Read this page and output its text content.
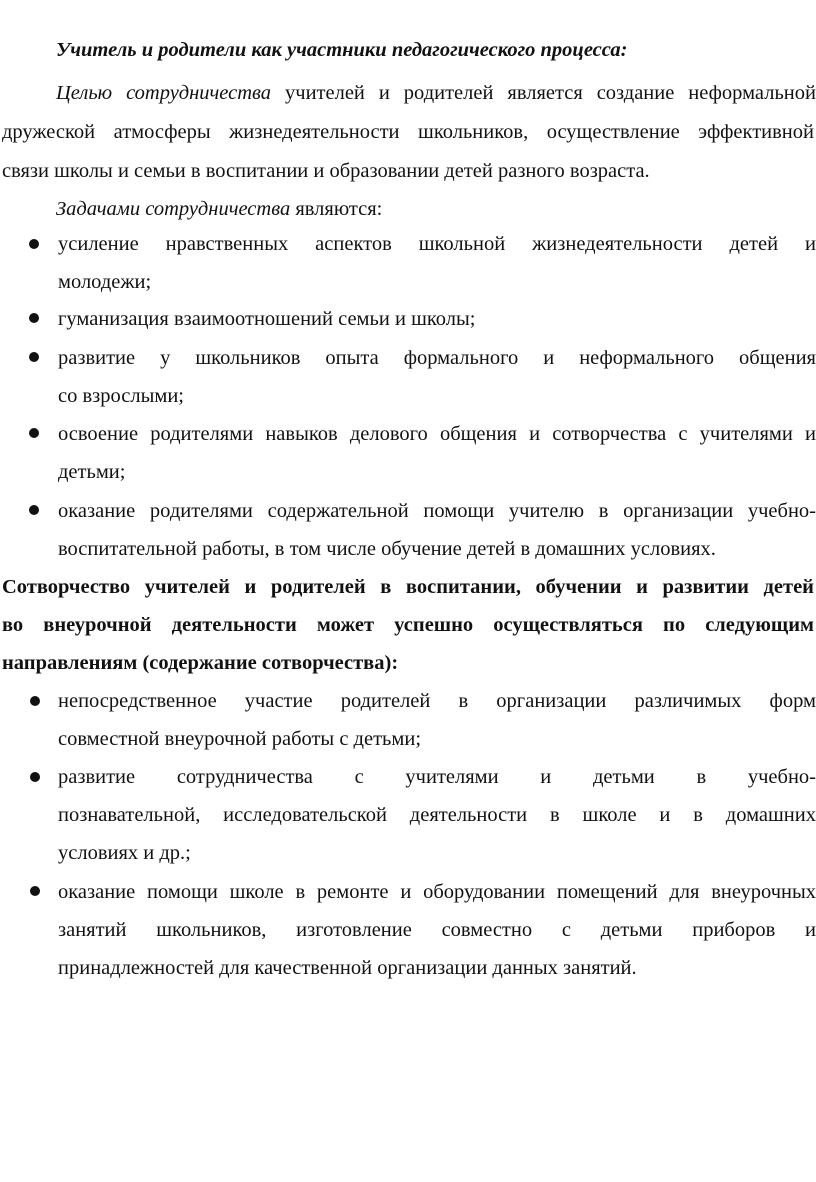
Учитель и родители как участники педагогического процесса:
Целью сотрудничества учителей и родителей является создание неформальной
дружеской атмосферы жизнедеятельности школьников, осуществление эффективной
связи школы и семьи в воспитании и образовании детей разного возраста.
Задачами сотрудничества являются:
усиление нравственных аспектов школьной жизнедеятельности детей и
молодежи;
гуманизация взаимоотношений семьи и школы;
развитие у школьников опыта формального и неформального общения
со взрослыми;
освоение родителями навыков делового общения и сотворчества с учителями и
детьми;
оказание родителями содержательной помощи учителю в организации учебно-
воспитательной работы, в том числе обучение детей в домашних условиях.
Сотворчество учителей и родителей в воспитании, обучении и развитии детей
во внеурочной деятельности может успешно осуществляться по следующим
направлениям (содержание сотворчества):
непосредственное участие родителей в организации различимых форм
совместной внеурочной работы с детьми;
развитие сотрудничества с учителями и детьми в учебно-
познавательной, исследовательской деятельности в школе и в домашних
условиях и др.;
оказание помощи школе в ремонте и оборудовании помещений для внеурочных
занятий школьников, изготовление совместно с детьми приборов и
принадлежностей для качественной организации данных занятий.
